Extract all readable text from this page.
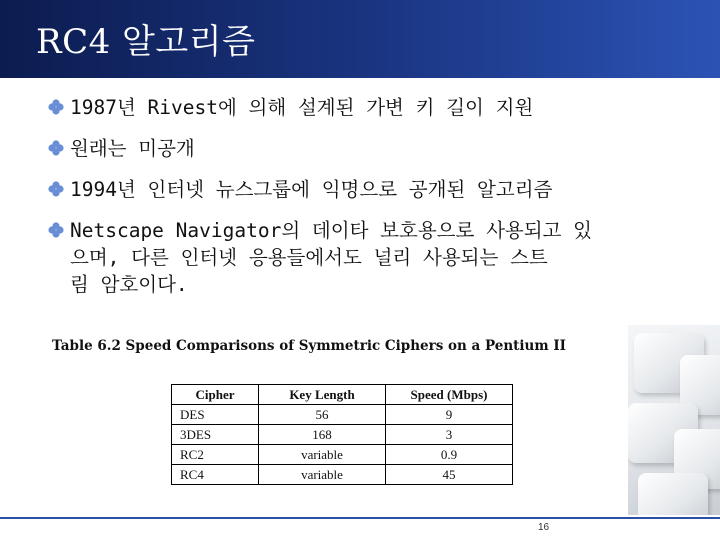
RC4 알고리즘
1987년 Rivest에 의해 설계된 가변 키 길이 지원
원래는 미공개
1994년 인터넷 뉴스그룹에 익명으로 공개된 알고리즘
Netscape Navigator의 데이타 보호용으로 사용되고 있
으며, 다른 인터넷 응용들에서도 널리 사용되는 스트
림 암호이다.
Table 6.2 Speed Comparisons of Symmetric Ciphers on a Pentium II
Cipher	Key Length	Speed (Mbps)
DES	56	9
3DES	168	3
RC2	variable	0.9
RC4	variable	45
16
